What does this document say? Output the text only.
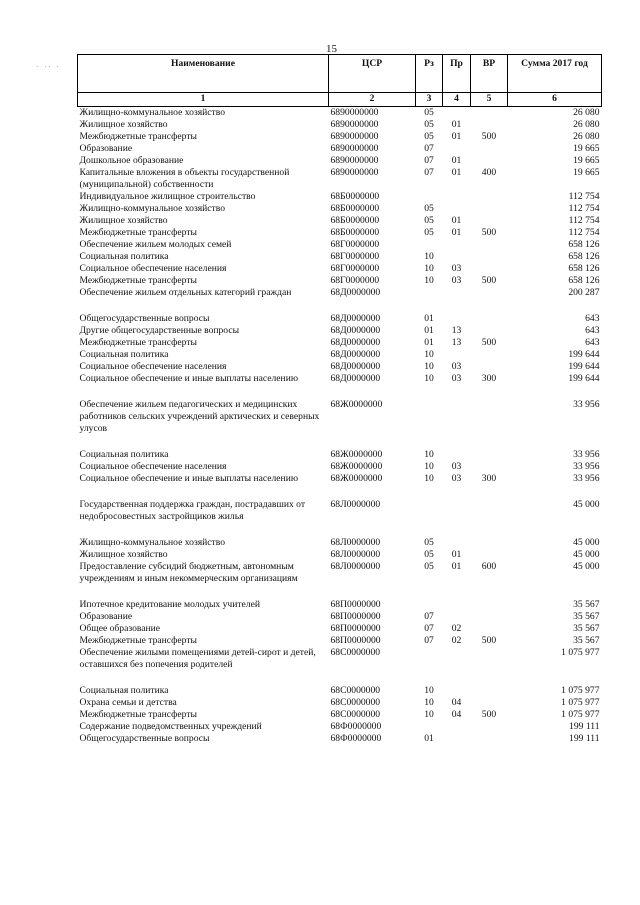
15
· ·· ·	Наименование	ЦСР	Рз	Пр	ВР	Сумма 2017 год
1	2	3	4	5	6
Жилищно-коммунальное хозяйство	6890000000	05			26 080
Жилищное хозяйство	6890000000	05	01		26 080
Межбюджетные трансферты	6890000000	05	01	500	26 080
Образование	6890000000	07			19 665
Дошкольное образование	6890000000	07	01		19 665
Капитальные вложения в объекты государственной (муниципальной) собственности	6890000000	07	01	400	19 665
Индивидуальное жилищное строительство	68Б0000000				112 754
Жилищно-коммунальное хозяйство	68Б0000000	05			112 754
Жилищное хозяйство	68Б0000000	05	01		112 754
Межбюджетные трансферты	68Б0000000	05	01	500	112 754
Обеспечение жильем молодых семей	68Г0000000				658 126
Социальная политика	68Г0000000	10			658 126
Социальное обеспечение населения	68Г0000000	10	03		658 126
Межбюджетные трансферты	68Г0000000	10	03	500	658 126
Обеспечение жильем отдельных категорий граждан	68Д0000000				200 287

Общегосударственные вопросы	68Д0000000	01			643
Другие общегосударственные вопросы	68Д0000000	01	13		643
Межбюджетные трансферты	68Д0000000	01	13	500	643
Социальная политика	68Д0000000	10			199 644
Социальное обеспечение населения	68Д0000000	10	03		199 644
Социальное обеспечение и иные выплаты населению	68Д0000000	10	03	300	199 644

Обеспечение жильем педагогических и медицинских работников сельских учреждений арктических и северных улусов	68Ж0000000				33 956

Социальная политика	68Ж0000000	10			33 956
Социальное обеспечение населения	68Ж0000000	10	03		33 956
Социальное обеспечение и иные выплаты населению	68Ж0000000	10	03	300	33 956

Государственная поддержка граждан, пострадавших от недобросовестных застройщиков жилья	68Л0000000				45 000

Жилищно-коммунальное хозяйство	68Л0000000	05			45 000
Жилищное хозяйство	68Л0000000	05	01		45 000
Предоставление субсидий бюджетным, автономным учреждениям и иным некоммерческим организациям	68Л0000000	05	01	600	45 000

Ипотечное кредитование молодых учителей	68П0000000				35 567
Образование	68П0000000	07			35 567
Общее образование	68П0000000	07	02		35 567
Межбюджетные трансферты	68П0000000	07	02	500	35 567
Обеспечение жилыми помещениями детей-сирот и детей, оставшихся без попечения родителей	68С0000000				1 075 977

Социальная политика	68С0000000	10			1 075 977
Охрана семьи и детства	68С0000000	10	04		1 075 977
Межбюджетные трансферты	68С0000000	10	04	500	1 075 977
Содержание подведомственных учреждений	68Ф0000000				199 111
Общегосударственные вопросы	68Ф0000000	01			199 111
